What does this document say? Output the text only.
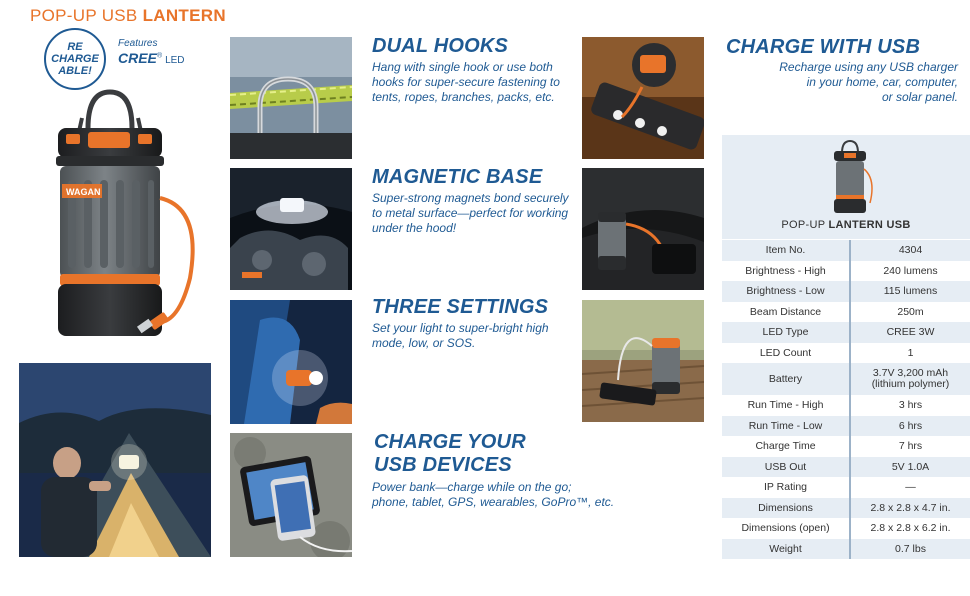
POP-UP USB LANTERN
RE
CHARGE
ABLE!
Features
CREE® LED
WAGAN
DUAL HOOKS
Hang with single hook or use both hooks for super-secure fastening to tents, ropes, branches, packs, etc.
MAGNETIC BASE
Super-strong magnets bond securely to metal surface—perfect for working under the hood!
THREE SETTINGS
Set your light to super-bright high mode, low, or SOS.
CHARGE YOUR
USB DEVICES
Power bank—charge while on the go;
phone, tablet, GPS, wearables, GoPro™, etc.
CHARGE WITH USB
Recharge using any USB charger
in your home, car, computer,
or solar panel.
POP-UP LANTERN USB
Item No.	4304
Brightness - High	240 lumens
Brightness - Low	115 lumens
Beam Distance	250m
LED Type	CREE 3W
LED Count	1
Battery	3.7V 3,200 mAh
(lithium polymer)

Run Time - High	3 hrs
Run Time - Low	6 hrs
Charge Time	7 hrs
USB Out	5V 1.0A
IP Rating	—
Dimensions	2.8 x 2.8 x 4.7 in.
Dimensions (open)	2.8 x 2.8 x 6.2 in.
Weight	0.7 lbs
